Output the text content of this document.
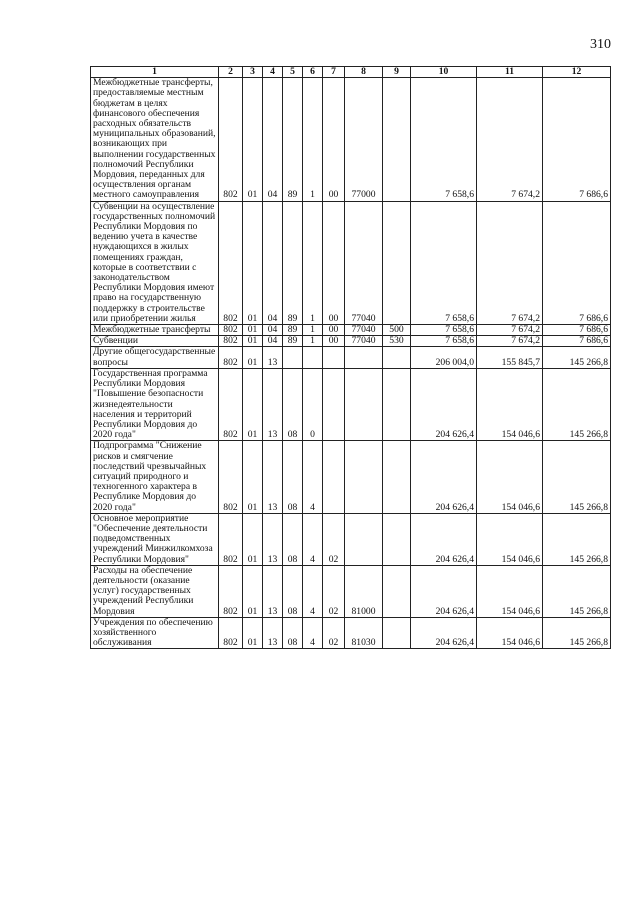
310
1	2	3	4	5	6	7	8	9	10	11	12
Межбюджетные трансферты, предоставляемые местным бюджетам в целях финансового обеспечения расходных обязательств муниципальных образований, возникающих при выполнении государственных полномочий Республики Мордовия, переданных для осуществления органам местного самоуправления	802	01	04	89	1	00	77000		7 658,6	7 674,2	7 686,6
Субвенции на осуществление государственных полномочий Республики Мордовия по ведению учета в качестве нуждающихся в жилых помещениях граждан, которые в соответствии с законодательством Республики Мордовия имеют право на государственную поддержку в строительстве или приобретении жилья	802	01	04	89	1	00	77040		7 658,6	7 674,2	7 686,6
Межбюджетные трансферты	802	01	04	89	1	00	77040	500	7 658,6	7 674,2	7 686,6
Субвенции	802	01	04	89	1	00	77040	530	7 658,6	7 674,2	7 686,6
Другие общегосударственные вопросы	802	01	13						206 004,0	155 845,7	145 266,8
Государственная программа Республики Мордовия "Повышение безопасности жизнедеятельности населения и территорий Республики Мордовия до 2020 года"	802	01	13	08	0				204 626,4	154 046,6	145 266,8
Подпрограмма "Снижение рисков и смягчение последствий чрезвычайных ситуаций природного и техногенного характера в Республике Мордовия до 2020 года"	802	01	13	08	4				204 626,4	154 046,6	145 266,8
Основное мероприятие "Обеспечение деятельности подведомственных учреждений Минжилкомхоза Республики Мордовия"	802	01	13	08	4	02			204 626,4	154 046,6	145 266,8
Расходы на обеспечение деятельности (оказание услуг) государственных учреждений Республики Мордовия	802	01	13	08	4	02	81000		204 626,4	154 046,6	145 266,8
Учреждения по обеспечению хозяйственного обслуживания	802	01	13	08	4	02	81030		204 626,4	154 046,6	145 266,8
